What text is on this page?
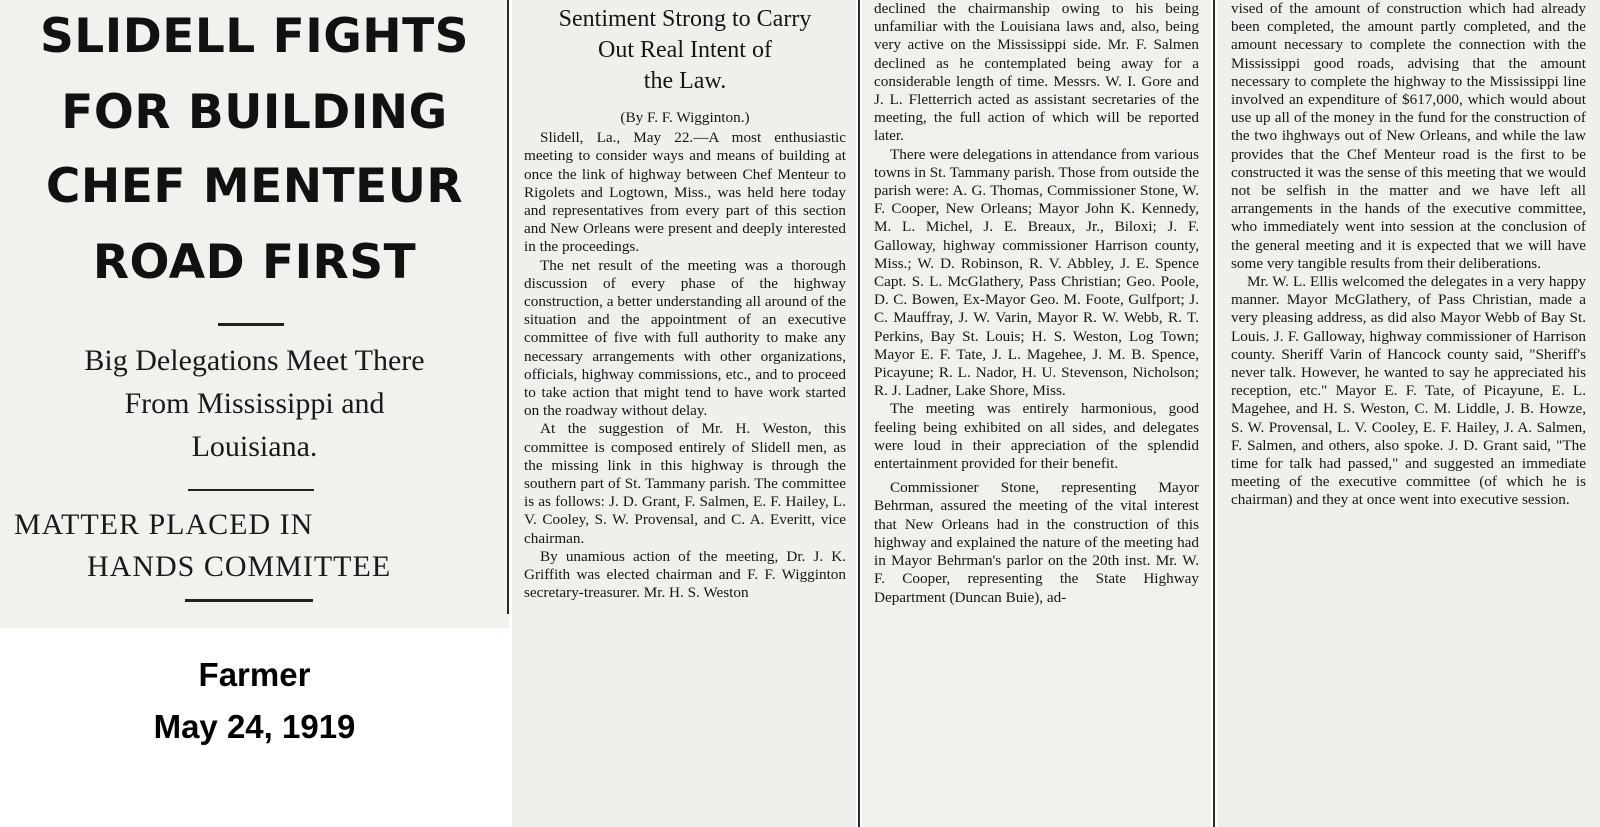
SLIDELL FIGHTS
FOR BUILDING
CHEF MENTEUR
ROAD FIRST
Big Delegations Meet There
From Mississippi and
Louisiana.
MATTER PLACED IN
HANDS COMMITTEE
Farmer
May 24, 1919

Sentiment Strong to Carry
Out Real Intent of
the Law.

(By F. F. Wigginton.)

Slidell, La., May 22.—A most enthusiastic meeting to consider ways and means of building at once the link of highway between Chef Menteur to Rigolets and Logtown, Miss., was held here today and representatives from every part of this section and New Orleans were present and deeply interested in the proceedings.

The net result of the meeting was a thorough discussion of every phase of the highway construction, a better understanding all around of the situation and the appointment of an executive committee of five with full authority to make any necessary arrangements with other organizations, officials, highway commissions, etc., and to proceed to take action that might tend to have work started on the roadway without delay.

At the suggestion of Mr. H. Weston, this committee is composed entirely of Slidell men, as the missing link in this highway is through the southern part of St. Tammany parish. The committee is as follows: J. D. Grant, F. Salmen, E. F. Hailey, L. V. Cooley, S. W. Provensal, and C. A. Everitt, vice chairman.

By unamious action of the meeting, Dr. J. K. Griffith was elected chairman and F. F. Wigginton secretary-treasurer. Mr. H. S. Weston

declined the chairmanship owing to his being unfamiliar with the Louisiana laws and, also, being very active on the Mississippi side. Mr. F. Salmen declined as he contemplated being away for a considerable length of time. Messrs. W. I. Gore and J. L. Fletterrich acted as assistant secretaries of the meeting, the full action of which will be reported later.

There were delegations in attendance from various towns in St. Tammany parish. Those from outside the parish were: A. G. Thomas, Commissioner Stone, W. F. Cooper, New Orleans; Mayor John K. Kennedy, M. L. Michel, J. E. Breaux, Jr., Biloxi; J. F. Galloway, highway commissioner Harrison county, Miss.; W. D. Robinson, R. V. Abbley, J. E. Spence Capt. S. L. McGlathery, Pass Christian; Geo. Poole, D. C. Bowen, Ex-Mayor Geo. M. Foote, Gulfport; J. C. Mauffray, J. W. Varin, Mayor R. W. Webb, R. T. Perkins, Bay St. Louis; H. S. Weston, Log Town; Mayor E. F. Tate, J. L. Magehee, J. M. B. Spence, Picayune; R. L. Nador, H. U. Stevenson, Nicholson; R. J. Ladner, Lake Shore, Miss.

The meeting was entirely harmonious, good feeling being exhibited on all sides, and delegates were loud in their appreciation of the splendid entertainment provided for their benefit.

Commissioner Stone, representing Mayor Behrman, assured the meeting of the vital interest that New Orleans had in the construction of this highway and explained the nature of the meeting had in Mayor Behrman's parlor on the 20th inst. Mr. W. F. Cooper, representing the State Highway Department (Duncan Buie), ad-

vised of the amount of construction which had already been completed, the amount partly completed, and the amount necessary to complete the connection with the Mississippi good roads, advising that the amount necessary to complete the highway to the Mississippi line involved an expenditure of $617,000, which would about use up all of the money in the fund for the construction of the two ihghways out of New Orleans, and while the law provides that the Chef Menteur road is the first to be constructed it was the sense of this meeting that we would not be selfish in the matter and we have left all arrangements in the hands of the executive committee, who immediately went into session at the conclusion of the general meeting and it is expected that we will have some very tangible results from their deliberations.

Mr. W. L. Ellis welcomed the delegates in a very happy manner. Mayor McGlathery, of Pass Christian, made a very pleasing address, as did also Mayor Webb of Bay St. Louis. J. F. Galloway, highway commissioner of Harrison county. Sheriff Varin of Hancock county said, "Sheriff's never talk. However, he wanted to say he appreciated his reception, etc." Mayor E. F. Tate, of Picayune, E. L. Magehee, and H. S. Weston, C. M. Liddle, J. B. Howze, S. W. Provensal, L. V. Cooley, E. F. Hailey, J. A. Salmen, F. Salmen, and others, also spoke. J. D. Grant said, "The time for talk had passed," and suggested an immediate meeting of the executive committee (of which he is chairman) and they at once went into executive session.
